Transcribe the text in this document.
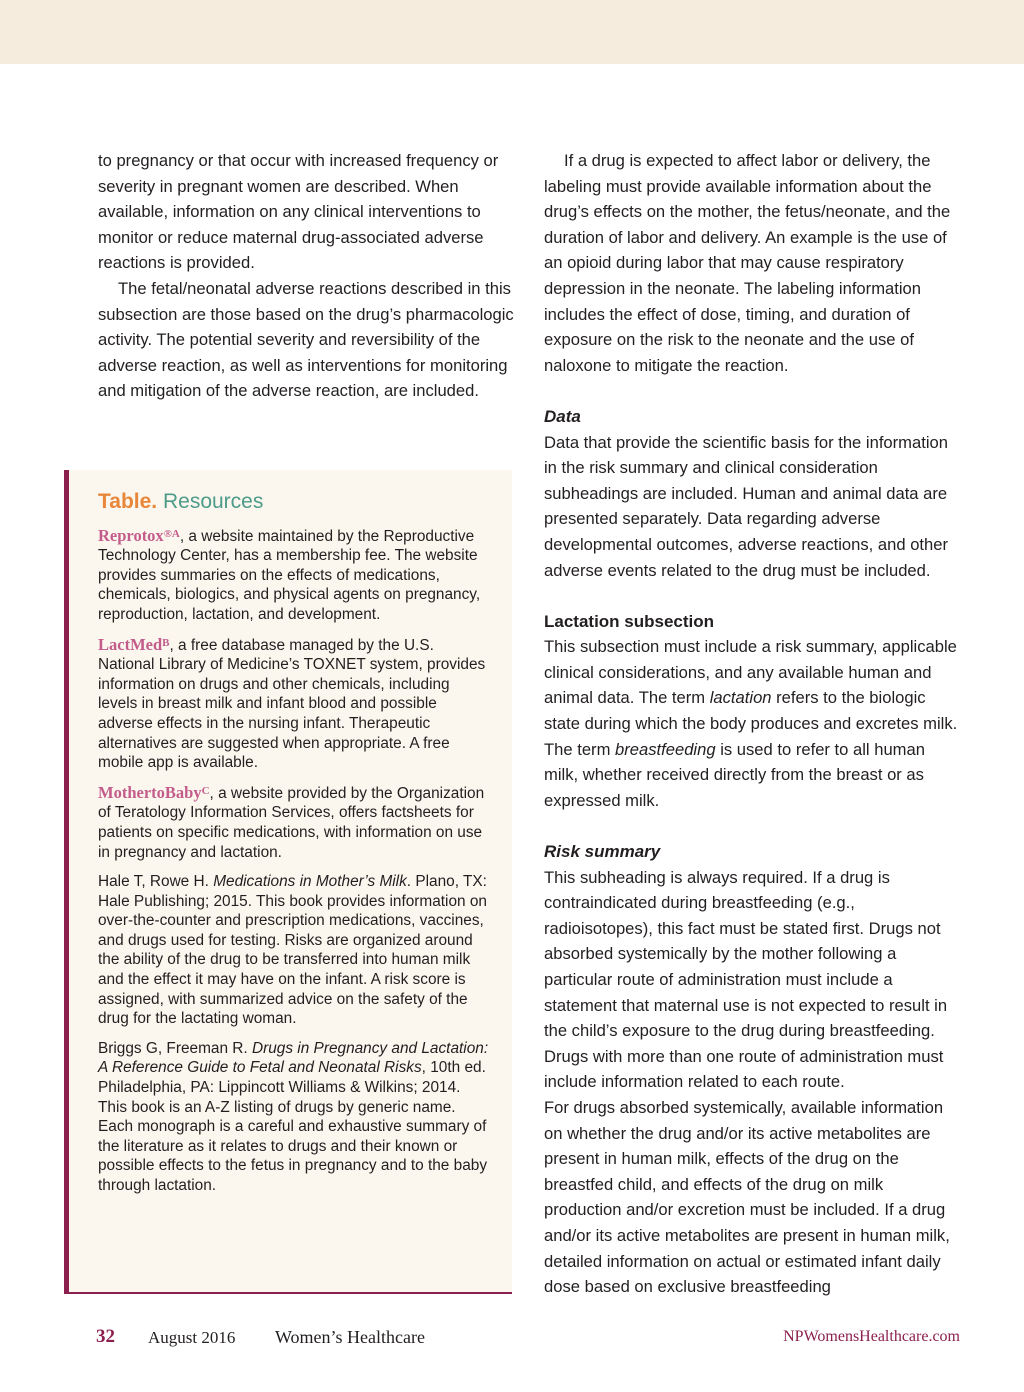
to pregnancy or that occur with increased frequency or severity in pregnant women are described. When available, information on any clinical interventions to monitor or reduce maternal drug-associated adverse reactions is provided.

The fetal/neonatal adverse reactions described in this subsection are those based on the drug’s pharmacologic activity. The potential severity and reversibility of the adverse reaction, as well as interventions for monitoring and mitigation of the adverse reaction, are included.

Table. Resources

Reprotox$^{®A}$, a website maintained by the Reproductive Technology Center, has a membership fee. The website provides summaries on the effects of medications, chemicals, biologics, and physical agents on pregnancy, reproduction, lactation, and development.

LactMed$^B$, a free database managed by the U.S. National Library of Medicine’s TOXNET system, provides information on drugs and other chemicals, including levels in breast milk and infant blood and possible adverse effects in the nursing infant. Therapeutic alternatives are suggested when appropriate. A free mobile app is available.

MothertoBaby$^C$, a website provided by the Organization of Teratology Information Services, offers factsheets for patients on specific medications, with information on use in pregnancy and lactation.

Hale T, Rowe H. Medications in Mother’s Milk. Plano, TX: Hale Publishing; 2015. This book provides information on over-the-counter and prescription medications, vaccines, and drugs used for testing. Risks are organized around the ability of the drug to be transferred into human milk and the effect it may have on the infant. A risk score is assigned, with summarized advice on the safety of the drug for the lactating woman.

Briggs G, Freeman R. Drugs in Pregnancy and Lactation: A Reference Guide to Fetal and Neonatal Risks, 10th ed. Philadelphia, PA: Lippincott Williams & Wilkins; 2014. This book is an A-Z listing of drugs by generic name. Each monograph is a careful and exhaustive summary of the literature as it relates to drugs and their known or possible effects to the fetus in pregnancy and to the baby through lactation.

If a drug is expected to affect labor or delivery, the labeling must provide available information about the drug’s effects on the mother, the fetus/neonate, and the duration of labor and delivery. An example is the use of an opioid during labor that may cause respiratory depression in the neonate. The labeling information includes the effect of dose, timing, and duration of exposure on the risk to the neonate and the use of naloxone to mitigate the reaction.

Data

Data that provide the scientific basis for the information in the risk summary and clinical consideration subheadings are included. Human and animal data are presented separately. Data regarding adverse developmental outcomes, adverse reactions, and other adverse events related to the drug must be included.

Lactation subsection

This subsection must include a risk summary, applicable clinical considerations, and any available human and animal data. The term lactation refers to the biologic state during which the body produces and excretes milk. The term breastfeeding is used to refer to all human milk, whether received directly from the breast or as expressed milk.

Risk summary

This subheading is always required. If a drug is contraindicated during breastfeeding (e.g., radioisotopes), this fact must be stated first. Drugs not absorbed systemically by the mother following a particular route of administration must include a statement that maternal use is not expected to result in the child’s exposure to the drug during breastfeeding. Drugs with more than one route of administration must include information related to each route.

For drugs absorbed systemically, available information on whether the drug and/or its active metabolites are present in human milk, effects of the drug on the breastfed child, and effects of the drug on milk production and/or excretion must be included. If a drug and/or its active metabolites are present in human milk, detailed information on actual or estimated infant daily dose based on exclusive breastfeeding

32 August 2016 Women’s Healthcare	NPWomensHealthcare.com
